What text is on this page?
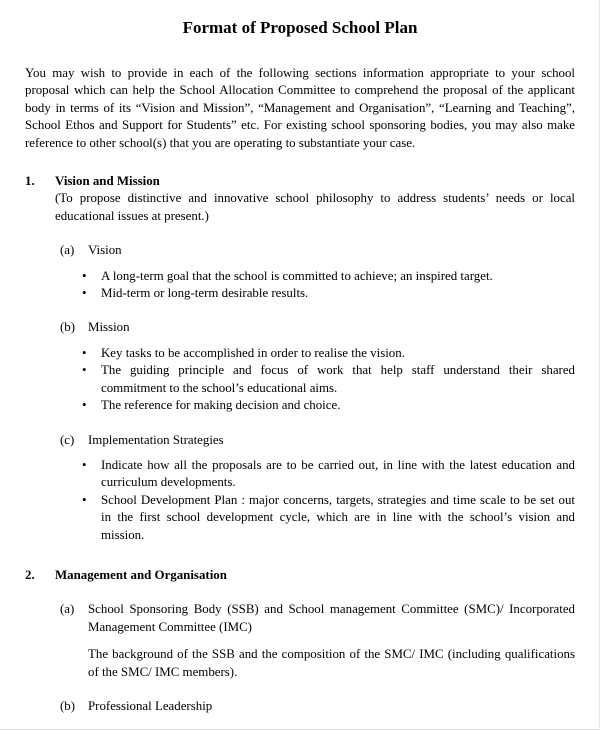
Format of Proposed School Plan

You may wish to provide in each of the following sections information appropriate to your school proposal which can help the School Allocation Committee to comprehend the proposal of the applicant body in terms of its “Vision and Mission”, “Management and Organisation”, “Learning and Teaching”, School Ethos and Support for Students” etc. For existing school sponsoring bodies, you may also make reference to other school(s) that you are operating to substantiate your case.

1.	Vision and Mission

(To propose distinctive and innovative school philosophy to address students’ needs or local educational issues at present.)

(a)	Vision
•	A long-term goal that the school is committed to achieve; an inspired target.
•	Mid-term or long-term desirable results.
(b)	Mission
•	Key tasks to be accomplished in order to realise the vision.
•	The guiding principle and focus of work that help staff understand their shared commitment to the school’s educational aims.
•	The reference for making decision and choice.
(c)	Implementation Strategies
•	Indicate how all the proposals are to be carried out, in line with the latest education and curriculum developments.
•	School Development Plan : major concerns, targets, strategies and time scale to be set out in the first school development cycle, which are in line with the school’s vision and mission.
2.	Management and Organisation
(a)	School Sponsoring Body (SSB) and School management Committee (SMC)/ Incorporated Management Committee (IMC)

The background of the SSB and the composition of the SMC/ IMC (including qualifications of the SMC/ IMC members).

(b)	Professional Leadership
